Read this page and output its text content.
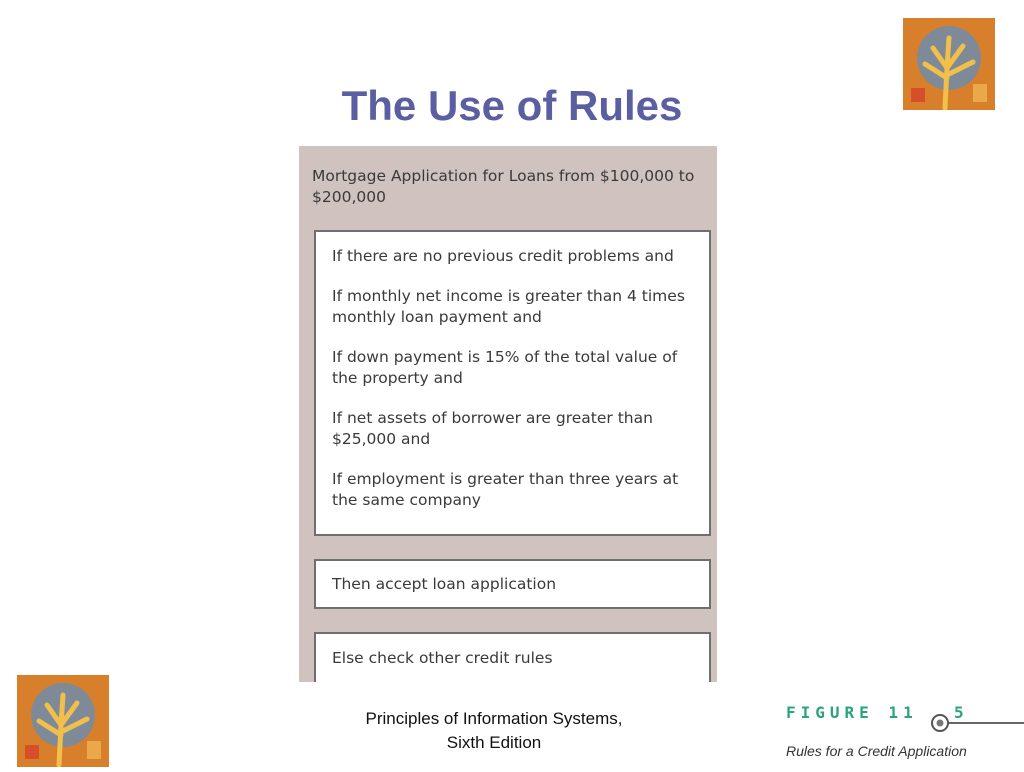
The Use of Rules
Mortgage Application for Loans from $100,000 to $200,000

If there are no previous credit problems and

If monthly net income is greater than 4 times monthly loan payment and

If down payment is 15% of the total value of the property and

If net assets of borrower are greater than $25,000 and

If employment is greater than three years at the same company

Then accept loan application
Else check other credit rules
Principles of Information Systems,
Sixth Edition
FIGURE 11 5
Rules for a Credit Application
